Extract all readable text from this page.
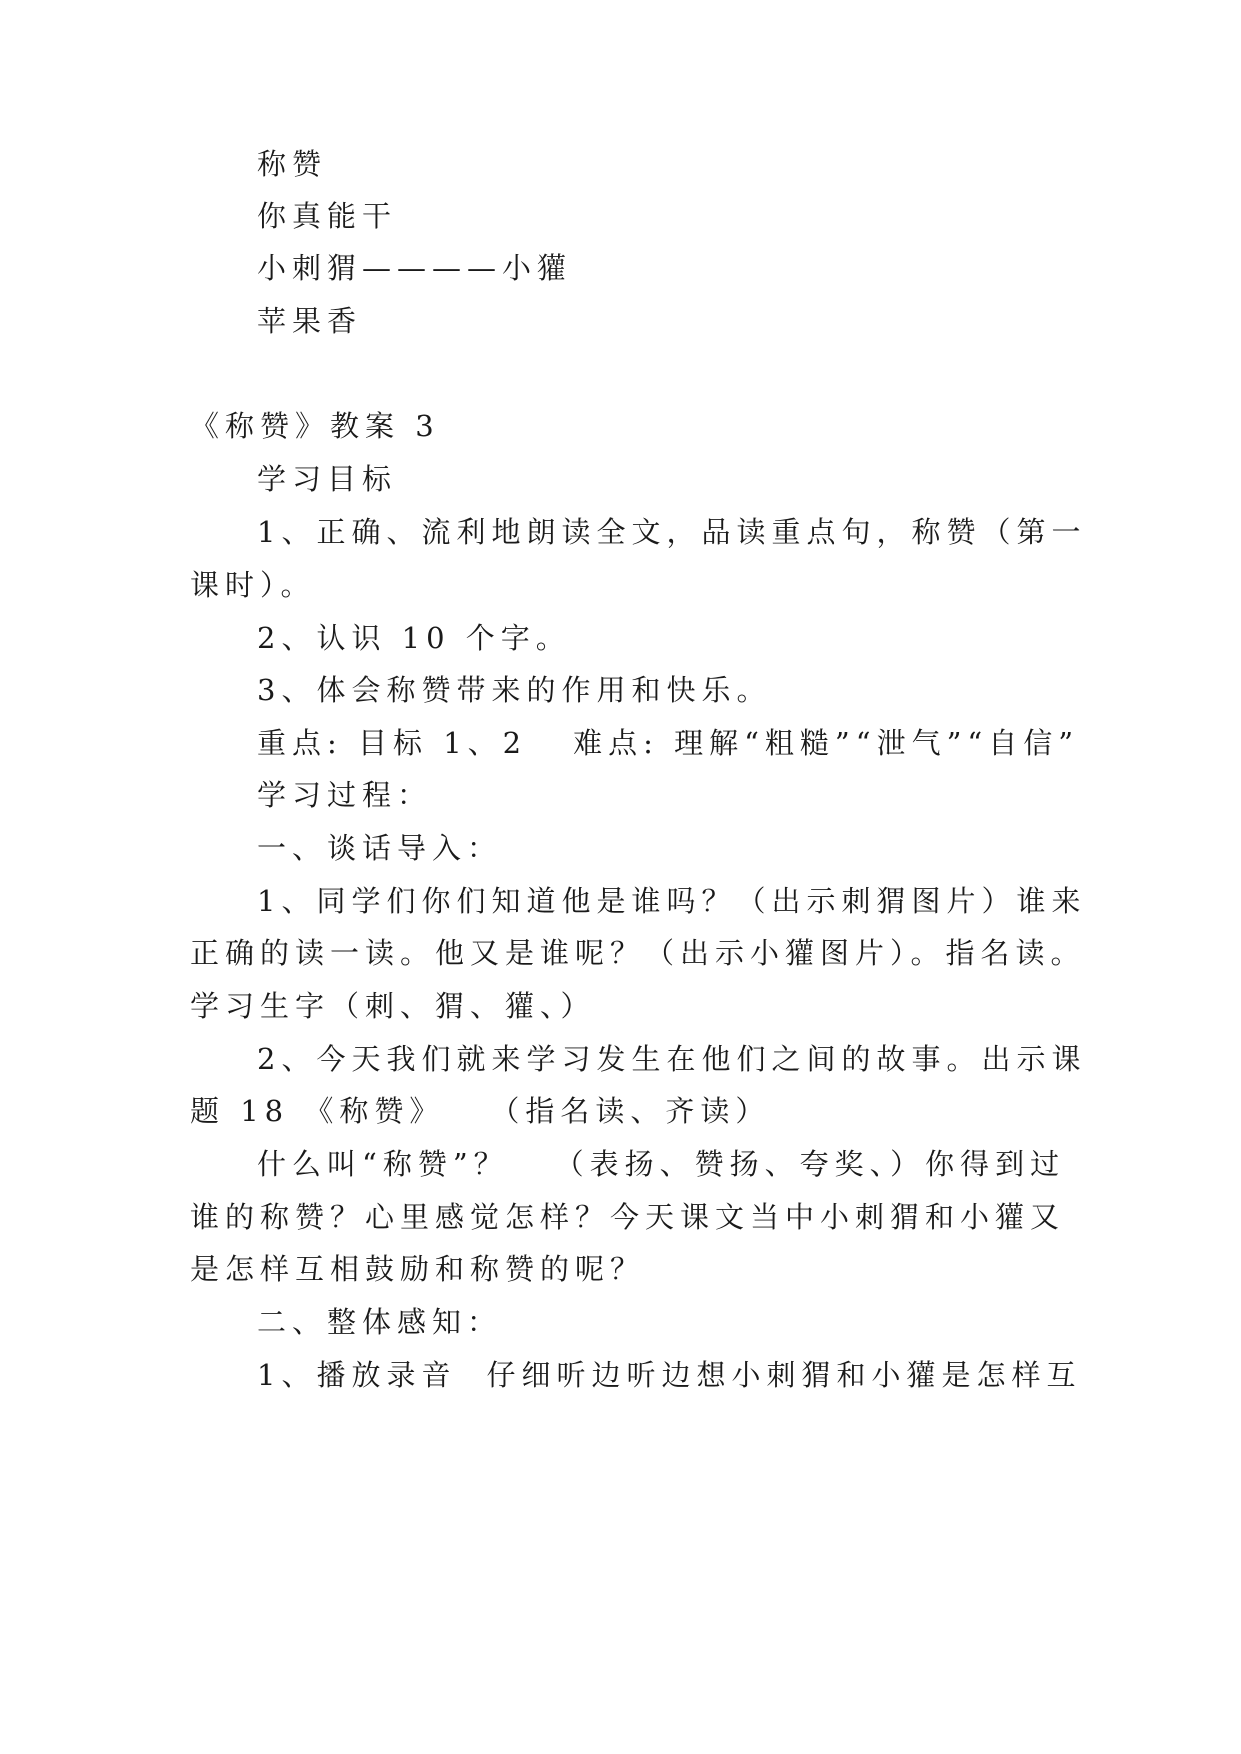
称赞
你真能干
小刺猬————小獾
苹果香
《称赞》教案 3
学习目标
1、正确、流利地朗读全文，品读重点句，称赞（第一
课时）。
2、认识 10 个字。
3、体会称赞带来的作用和快乐。
重点: 目标 1、2 难点: 理解“粗糙”“泄气”“自信”
学习过程：
一、谈话导入：
1、同学们你们知道他是谁吗？（出示刺猬图片）谁来
正确的读一读。他又是谁呢？（出示小獾图片）。指名读。
学习生字（刺、猬、獾、）
2、今天我们就来学习发生在他们之间的故事。出示课
题 18 《称赞》 （指名读、齐读）
什么叫“称赞”？ （表扬、赞扬、夸奖、）你得到过
谁的称赞？心里感觉怎样？今天课文当中小刺猬和小獾又
是怎样互相鼓励和称赞的呢？
二、整体感知：
1、播放录音 仔细听边听边想小刺猬和小獾是怎样互
